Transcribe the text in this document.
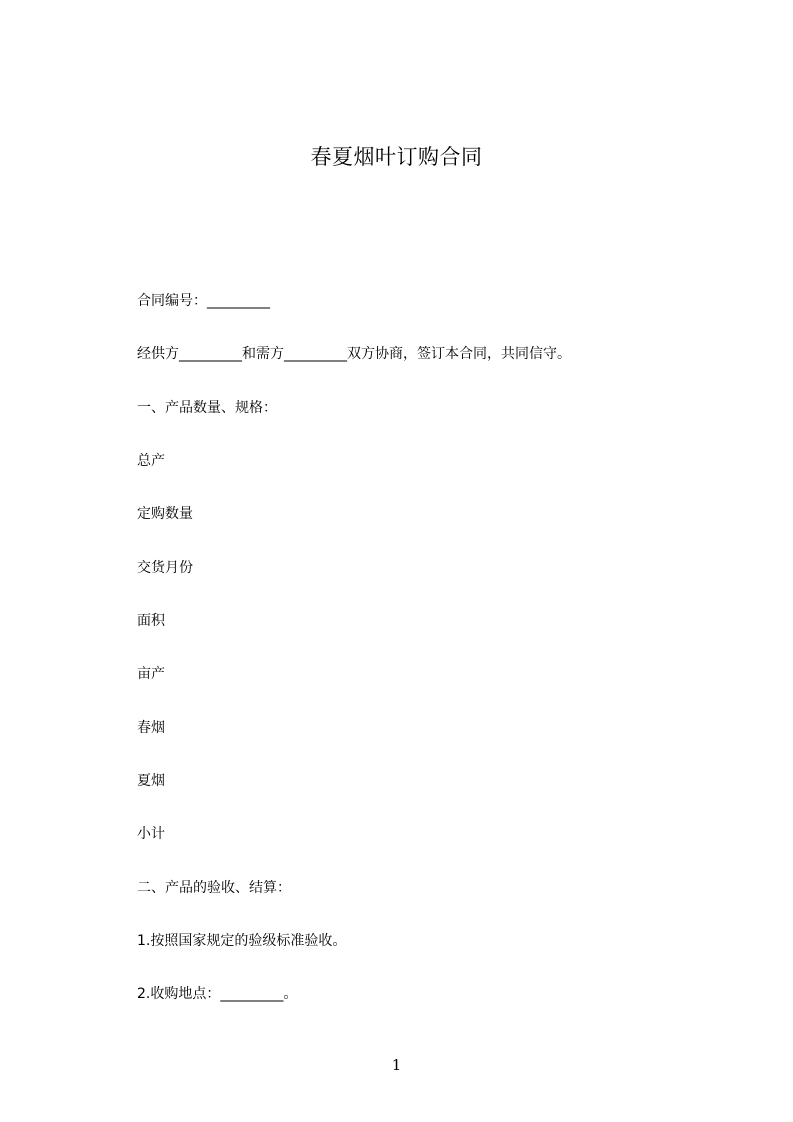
春夏烟叶订购合同
合同编号：_________
经供方_________和需方_________双方协商，签订本合同，共同信守。
一、产品数量、规格：
总产
定购数量
交货月份
面积
亩产
春烟
夏烟
小计
二、产品的验收、结算：
1.按照国家规定的验级标准验收。
2.收购地点：_________。
1
